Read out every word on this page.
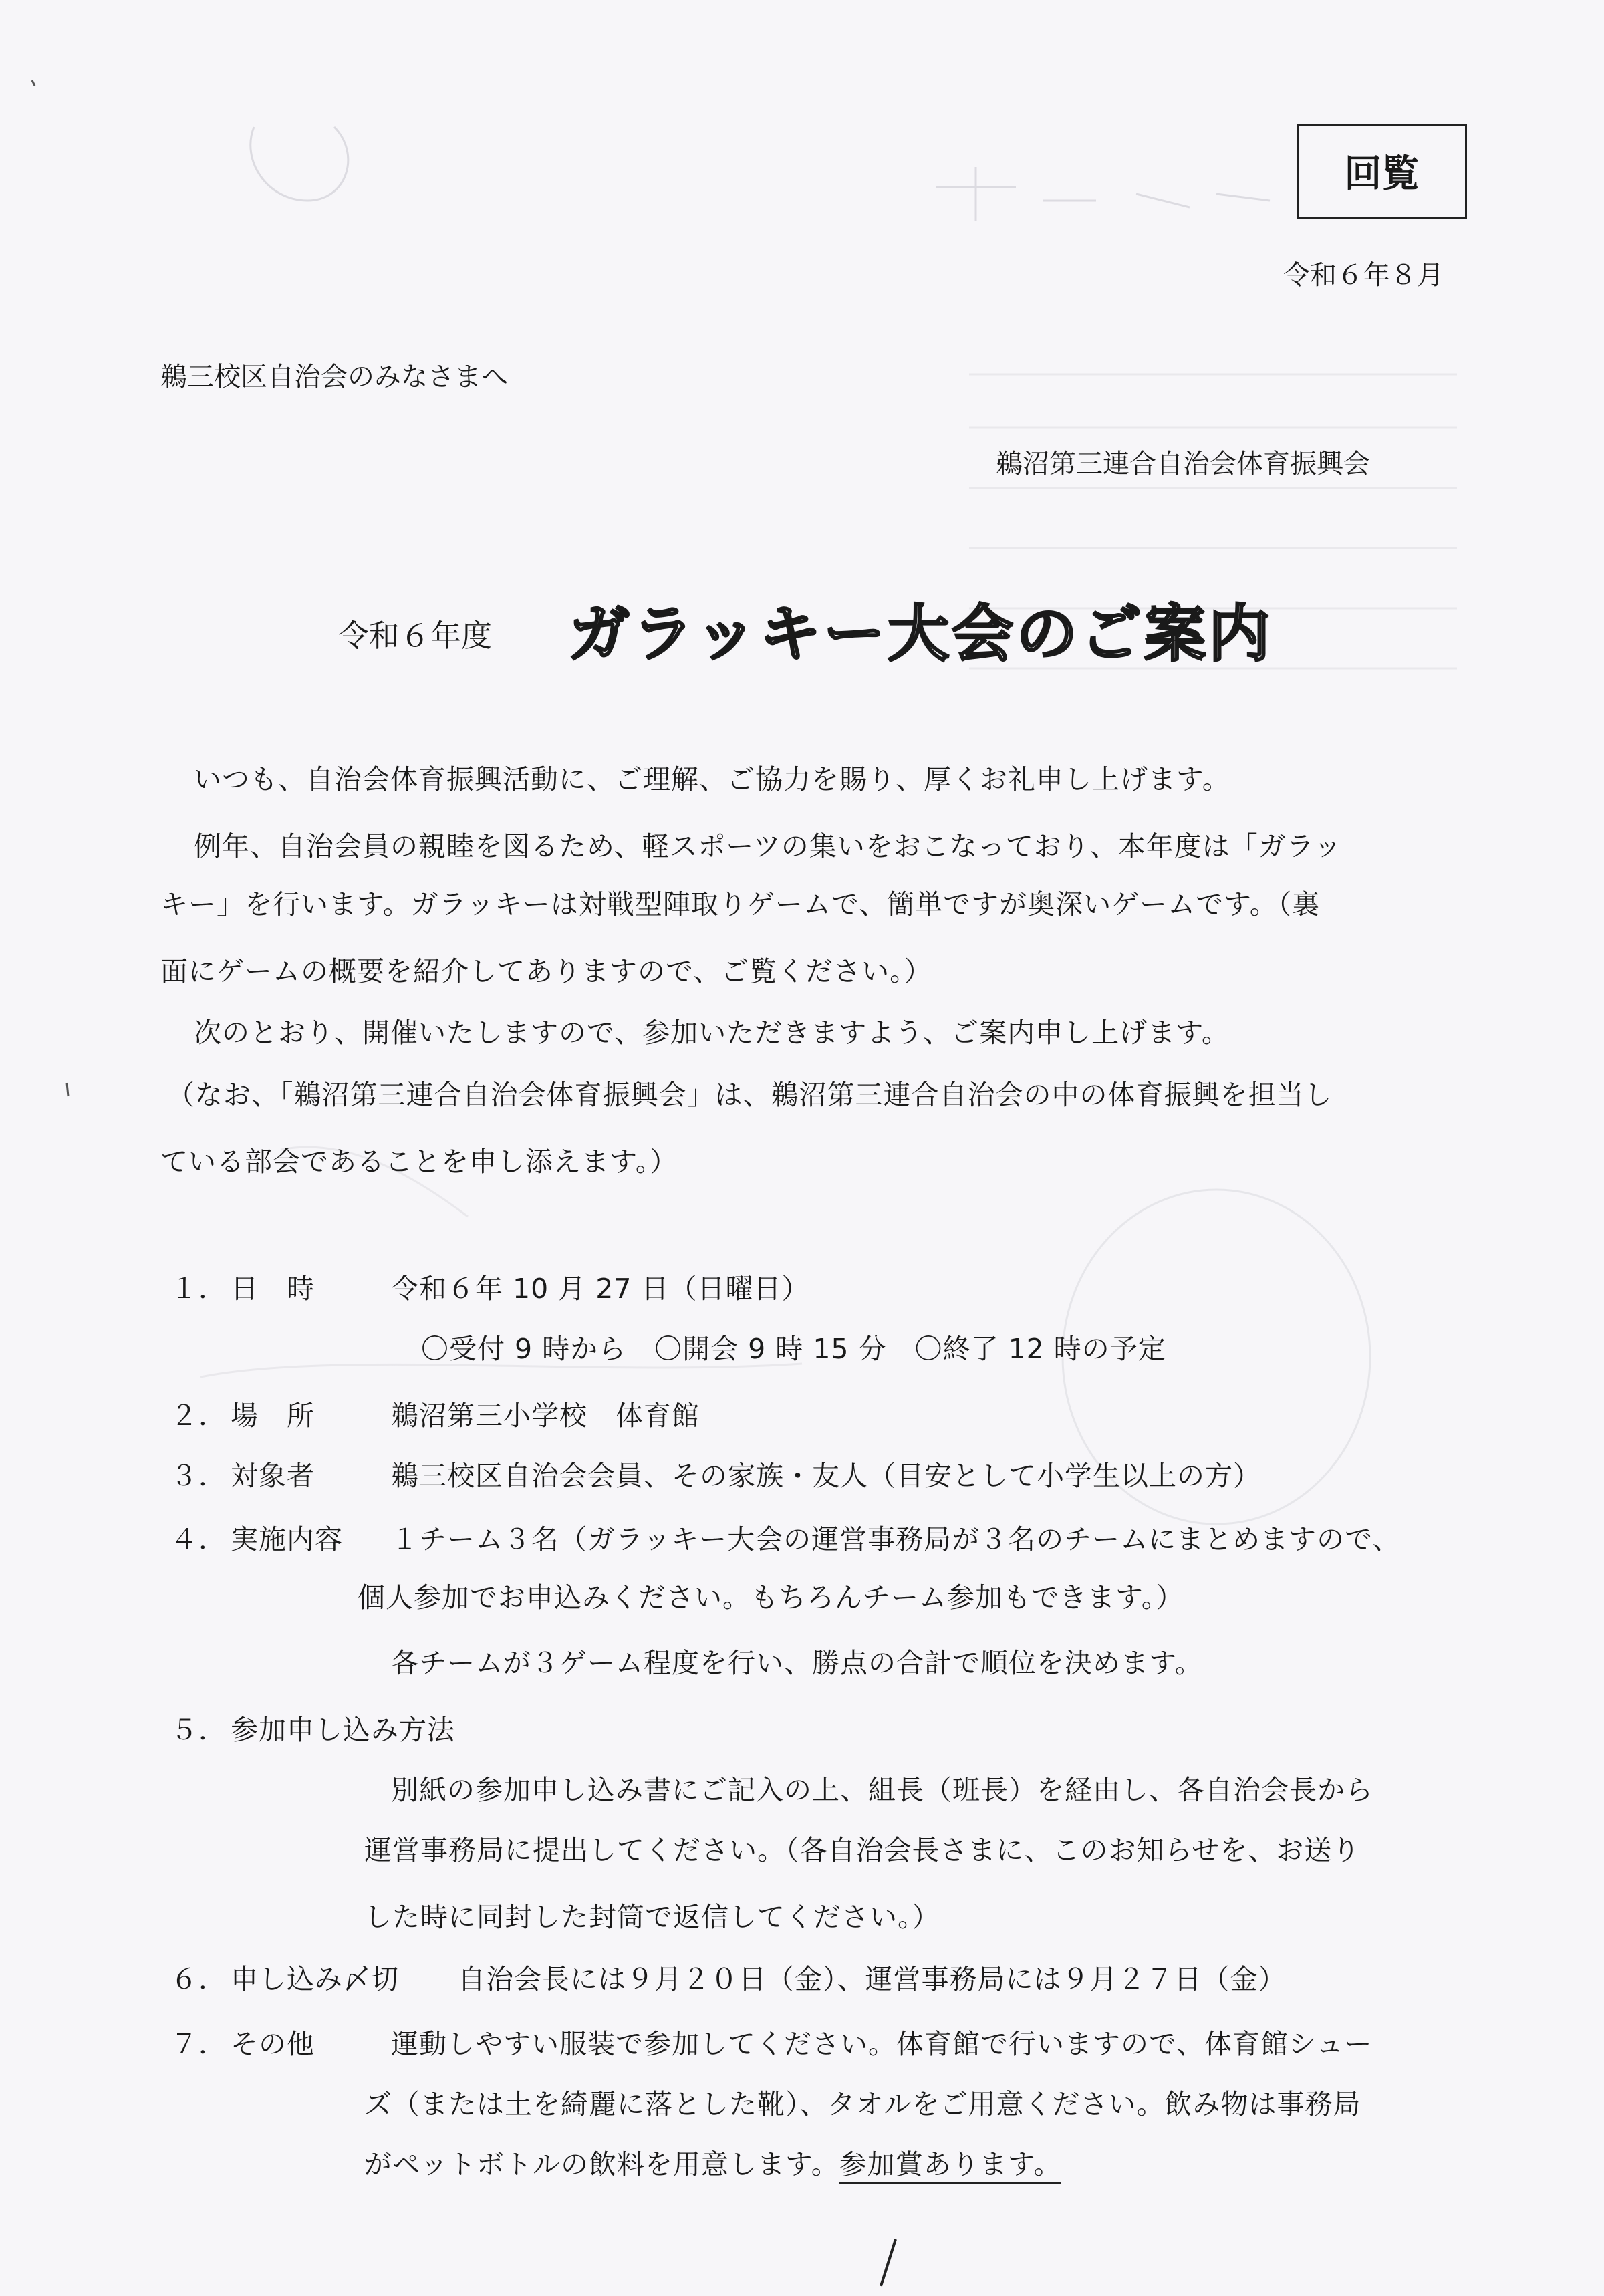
回覧
令和６年８月
鵜三校区自治会のみなさまへ
鵜沼第三連合自治会体育振興会
令和６年度 ガラッキー大会のご案内
いつも、自治会体育振興活動に、ご理解、ご協力を賜り、厚くお礼申し上げます。
例年、自治会員の親睦を図るため、軽スポーツの集いをおこなっており、本年度は「ガラッ
キー」を行います。ガラッキーは対戦型陣取りゲームで、簡単ですが奥深いゲームです。（裏
面にゲームの概要を紹介してありますので、ご覧ください。）
次のとおり、開催いたしますので、参加いただきますよう、ご案内申し上げます。
（なお、「鵜沼第三連合自治会体育振興会」は、鵜沼第三連合自治会の中の体育振興を担当し
ている部会であることを申し添えます。）
１． 日　時	令和６年 10 月 27 日（日曜日）
〇受付 9 時から　〇開会 9 時 15 分　〇終了 12 時の予定
２． 場　所	鵜沼第三小学校　体育館
３． 対象者	鵜三校区自治会会員、その家族・友人（目安として小学生以上の方）
４． 実施内容 １チーム３名（ガラッキー大会の運営事務局が３名のチームにまとめますので、
個人参加でお申込みください。もちろんチーム参加もできます。）
各チームが３ゲーム程度を行い、勝点の合計で順位を決めます。
５． 参加申し込み方法
別紙の参加申し込み書にご記入の上、組長（班長）を経由し、各自治会長から
運営事務局に提出してください。（各自治会長さまに、このお知らせを、お送り
した時に同封した封筒で返信してください。）
６． 申し込み〆切 自治会長には９月２０日（金）、運営事務局には９月２７日（金）
７． その他	運動しやすい服装で参加してください。体育館で行いますので、体育館シュー
ズ（または土を綺麗に落とした靴）、タオルをご用意ください。飲み物は事務局
がペットボトルの飲料を用意します。参加賞あります。
